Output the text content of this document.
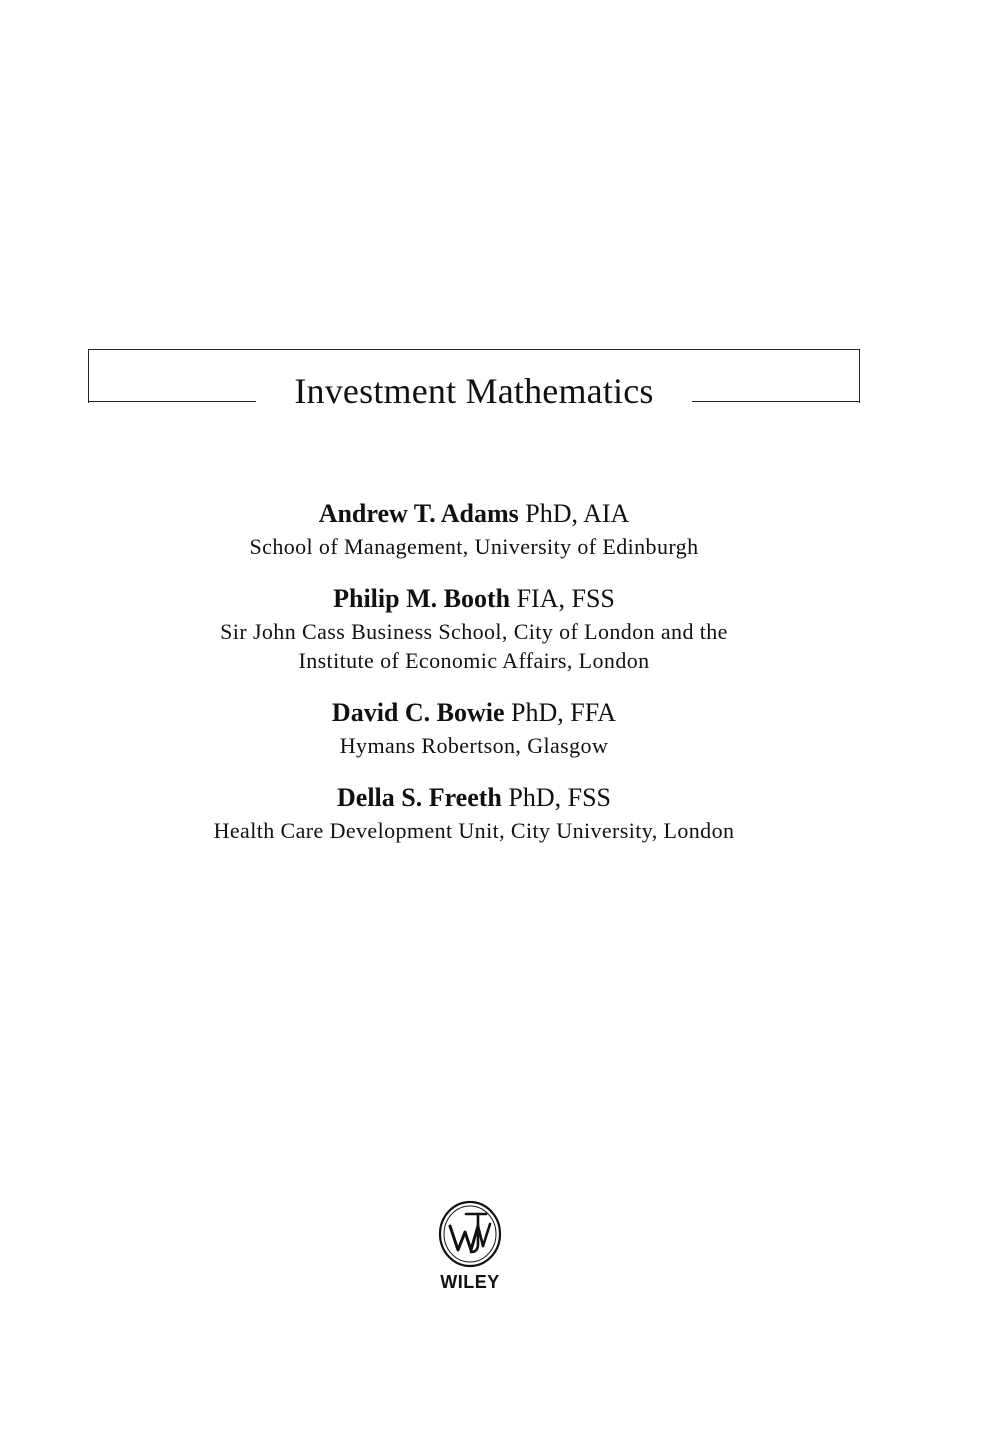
Investment Mathematics
Andrew T. Adams PhD, AIA
School of Management, University of Edinburgh
Philip M. Booth FIA, FSS
Sir John Cass Business School, City of London and the
Institute of Economic Affairs, London
David C. Bowie PhD, FFA
Hymans Robertson, Glasgow
Della S. Freeth PhD, FSS
Health Care Development Unit, City University, London
WILEY
